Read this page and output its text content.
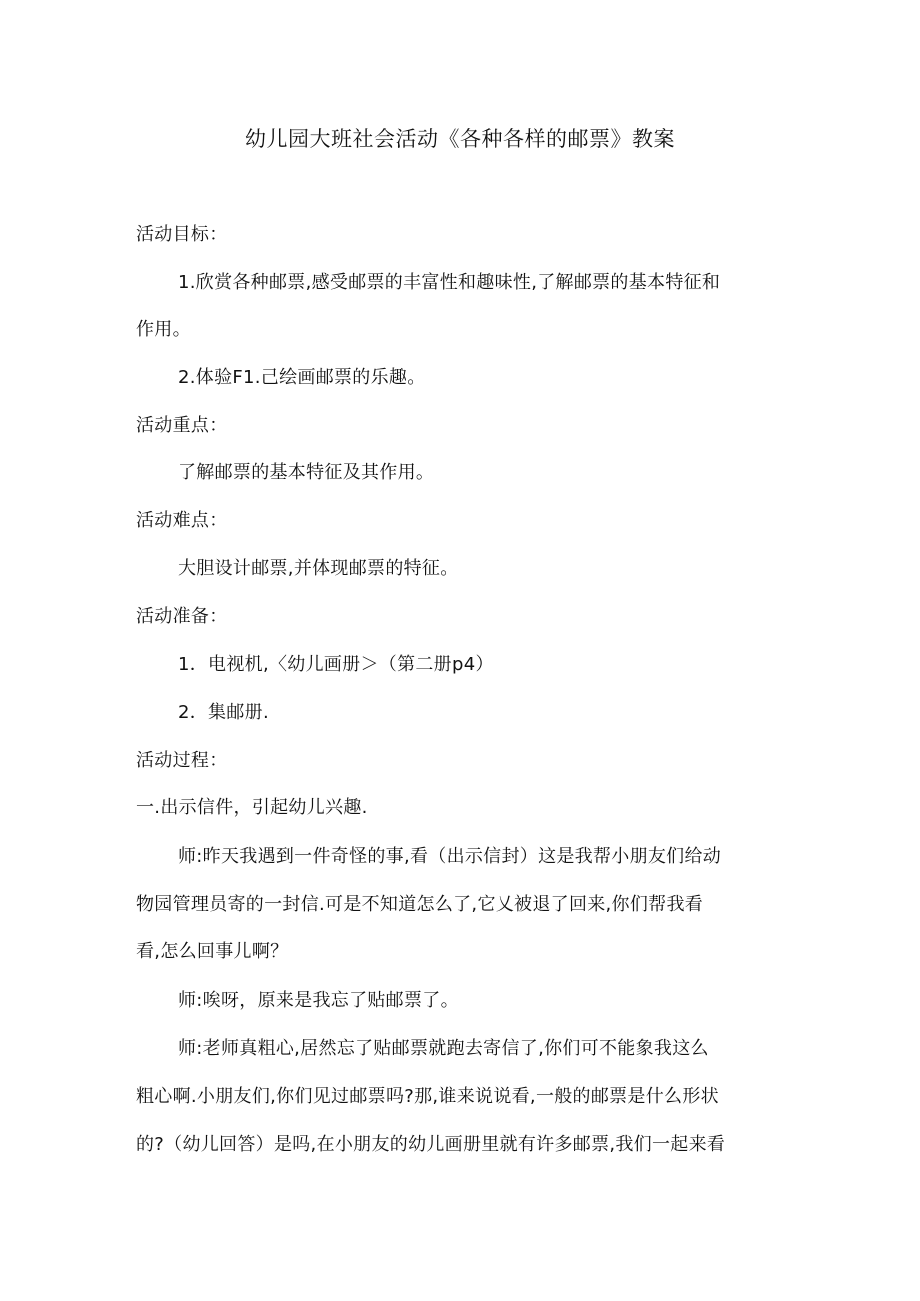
幼儿园大班社会活动《各种各样的邮票》教案
活动目标：
1.欣赏各种邮票,感受邮票的丰富性和趣味性,了解邮票的基本特征和
作用。
2.体验F1.己绘画邮票的乐趣。
活动重点：
了解邮票的基本特征及其作用。
活动难点：
大胆设计邮票,并体现邮票的特征。
活动准备：
1．电视机,〈幼儿画册＞（第二册p4）
2．集邮册.
活动过程：
一.出示信件，引起幼儿兴趣.
师:昨天我遇到一件奇怪的事,看（出示信封）这是我帮小朋友们给动
物园管理员寄的一封信.可是不知道怎么了,它乂被退了回来,你们帮我看
看,怎么回事儿啊？
师:唉呀，原来是我忘了贴邮票了。
师:老师真粗心,居然忘了贴邮票就跑去寄信了,你们可不能象我这么
粗心啊.小朋友们,你们见过邮票吗?那,谁来说说看,一般的邮票是什么形状
的?（幼儿回答）是吗,在小朋友的幼儿画册里就有许多邮票,我们一起来看
